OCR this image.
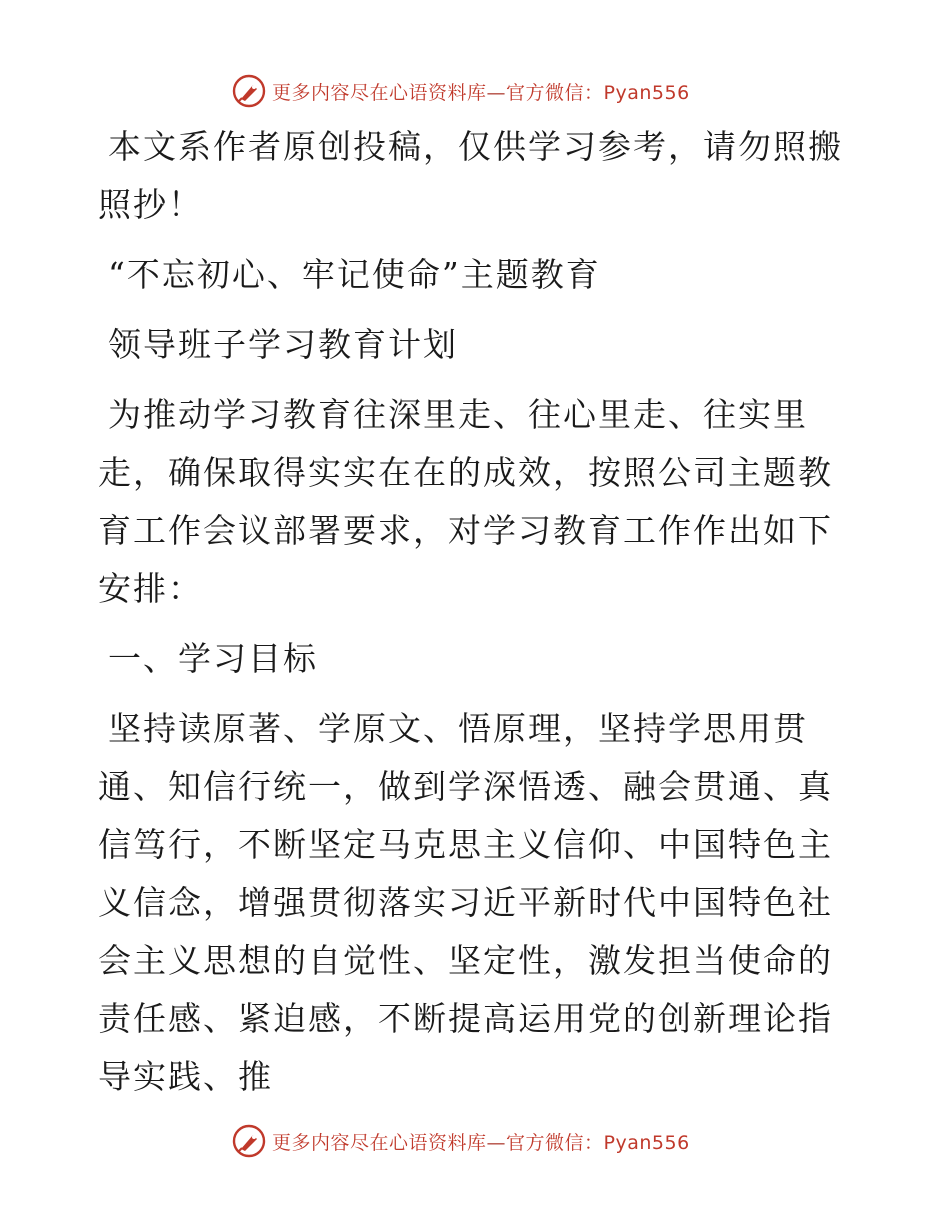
更多内容尽在心语资料库—官方微信：Pyan556

本文系作者原创投稿，仅供学习参考，请勿照搬照抄！

“不忘初心、牢记使命”主题教育

领导班子学习教育计划

为推动学习教育往深里走、往心里走、往实里走，确保取得实实在在的成效，按照公司主题教育工作会议部署要求，对学习教育工作作出如下安排：

一、学习目标

坚持读原著、学原文、悟原理，坚持学思用贯通、知信行统一，做到学深悟透、融会贯通、真信笃行，不断坚定马克思主义信仰、中国特色主义信念，增强贯彻落实习近平新时代中国特色社会主义思想的自觉性、坚定性，激发担当使命的责任感、紧迫感，不断提高运用党的创新理论指导实践、推

更多内容尽在心语资料库—官方微信：Pyan556
